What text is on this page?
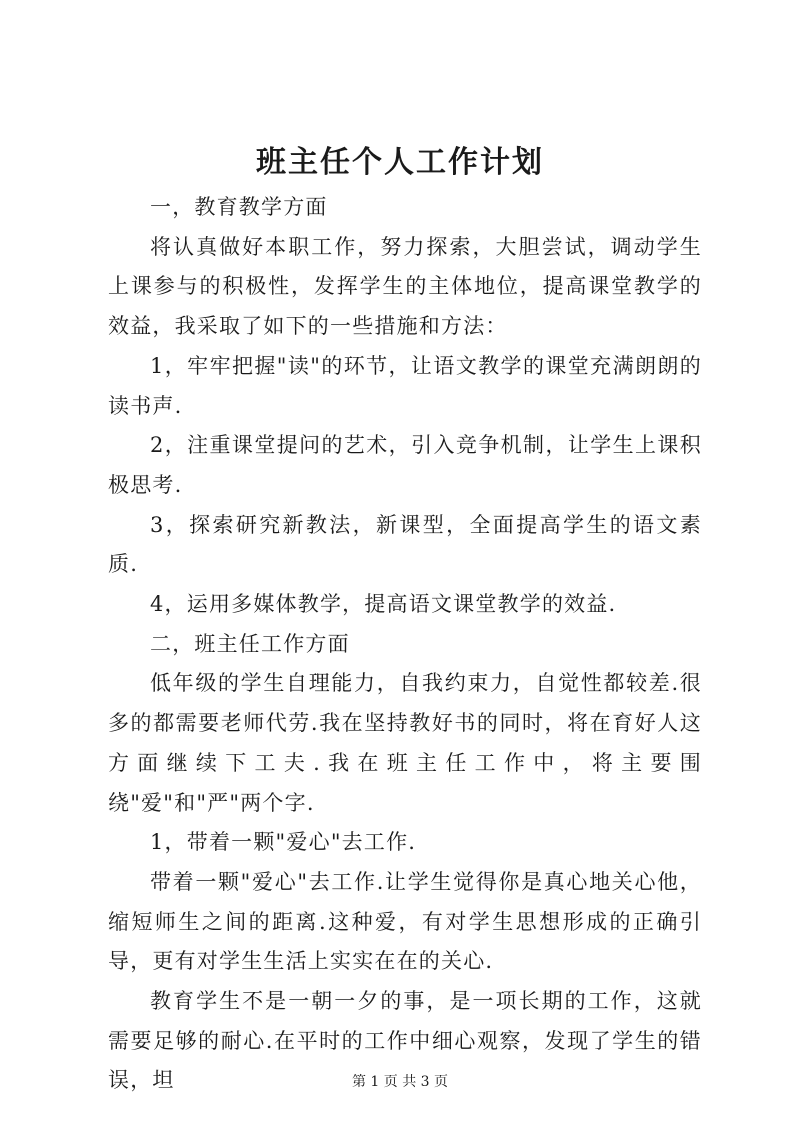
班主任个人工作计划

一，教育教学方面

将认真做好本职工作，努力探索，大胆尝试，调动学生上课参与的积极性，发挥学生的主体地位，提高课堂教学的效益，我采取了如下的一些措施和方法：

1，牢牢把握"读"的环节，让语文教学的课堂充满朗朗的读书声.

2，注重课堂提问的艺术，引入竞争机制，让学生上课积极思考.

3，探索研究新教法，新课型，全面提高学生的语文素质.

4，运用多媒体教学，提高语文课堂教学的效益.

二，班主任工作方面

低年级的学生自理能力，自我约束力，自觉性都较差.很多的都需要老师代劳.我在坚持教好书的同时，将在育好人这方面继续下工夫.我在班主任工作中，将主要围绕"爱"和"严"两个字.

1，带着一颗"爱心"去工作.

带着一颗"爱心"去工作.让学生觉得你是真心地关心他，缩短师生之间的距离.这种爱，有对学生思想形成的正确引导，更有对学生生活上实实在在的关心.

教育学生不是一朝一夕的事，是一项长期的工作，这就需要足够的耐心.在平时的工作中细心观察，发现了学生的错误，坦	第 1 页 共 3 页
